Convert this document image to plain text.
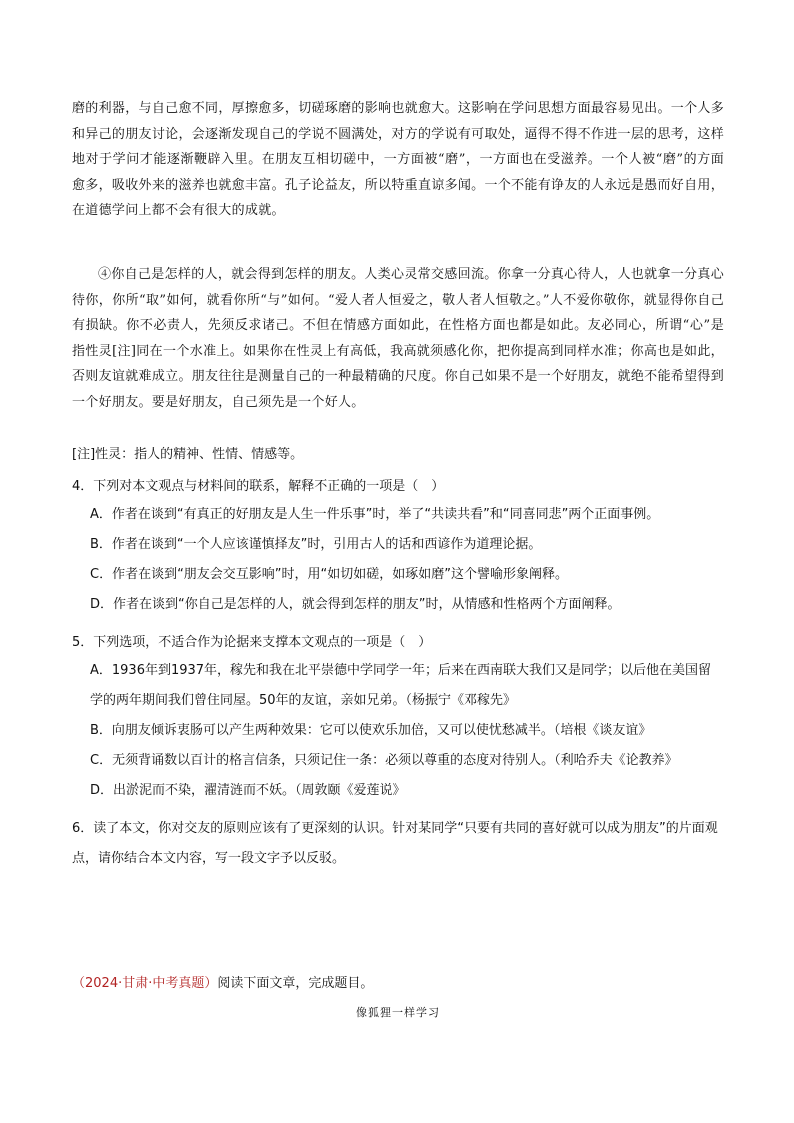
磨的利器，与自己愈不同，厚擦愈多，切磋琢磨的影响也就愈大。这影响在学问思想方面最容易见出。一个人多和异己的朋友讨论，会逐渐发现自己的学说不圆满处，对方的学说有可取处，逼得不得不作进一层的思考，这样地对于学问才能逐渐鞭辟入里。在朋友互相切磋中，一方面被“磨”，一方面也在受滋养。一个人被“磨”的方面愈多，吸收外来的滋养也就愈丰富。孔子论益友，所以特重直谅多闻。一个不能有诤友的人永远是愚而好自用，在道德学问上都不会有很大的成就。

④你自己是怎样的人，就会得到怎样的朋友。人类心灵常交感回流。你拿一分真心待人，人也就拿一分真心待你，你所“取”如何，就看你所“与”如何。“爱人者人恒爱之，敬人者人恒敬之。”人不爱你敬你，就显得你自己有损缺。你不必责人，先须反求诸己。不但在情感方面如此，在性格方面也都是如此。友必同心，所谓“心”是指性灵[注]同在一个水准上。如果你在性灵上有高低，我高就须感化你，把你提高到同样水准；你高也是如此，否则友谊就难成立。朋友往往是测量自己的一种最精确的尺度。你自己如果不是一个好朋友，就绝不能希望得到一个好朋友。要是好朋友，自己须先是一个好人。

[注]性灵：指人的精神、性情、情感等。
4．下列对本文观点与材料间的联系，解释不正确的一项是（　）
A．作者在谈到“有真正的好朋友是人生一件乐事”时，举了“共读共看”和“同喜同悲”两个正面事例。
B．作者在谈到“一个人应该谨慎择友”时，引用古人的话和西谚作为道理论据。
C．作者在谈到“朋友会交互影响”时，用“如切如磋，如琢如磨”这个譬喻形象阐释。
D．作者在谈到“你自己是怎样的人，就会得到怎样的朋友”时，从情感和性格两个方面阐释。
5．下列选项，不适合作为论据来支撑本文观点的一项是（　）
A．1936年到1937年，稼先和我在北平崇德中学同学一年；后来在西南联大我们又是同学；以后他在美国留学的两年期间我们曾住同屋。50年的友谊，亲如兄弟。（杨振宁《邓稼先》
B．向朋友倾诉衷肠可以产生两种效果：它可以使欢乐加倍，又可以使忧愁减半。（培根《谈友谊》
C．无须背诵数以百计的格言信条，只须记住一条：必须以尊重的态度对待别人。（利哈乔夫《论教养》
D．出淤泥而不染，濯清涟而不妖。（周敦颐《爱莲说》
6．读了本文，你对交友的原则应该有了更深刻的认识。针对某同学“只要有共同的喜好就可以成为朋友”的片面观点，请你结合本文内容，写一段文字予以反驳。
（2024·甘肃·中考真题）阅读下面文章，完成题目。
像狐狸一样学习
